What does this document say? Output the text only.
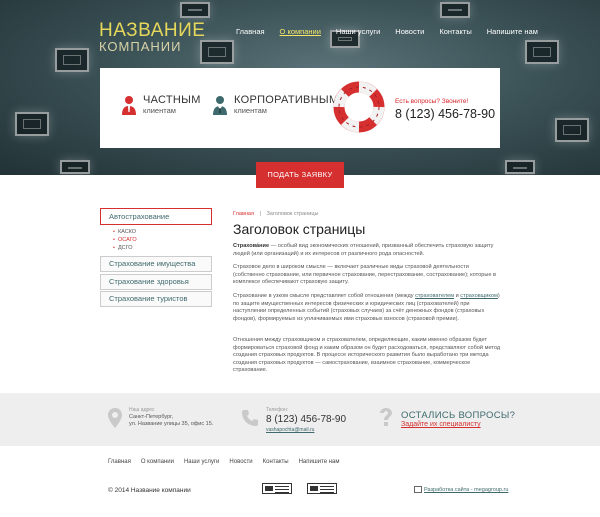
НАЗВАНИЕ
КОМПАНИИ
Главная О компании Наши услуги Новости Контакты Напишите нам
ЧАСТНЫМ
клиентам
КОРПОРАТИВНЫМ
клиентам
Есть вопросы? Звоните!
8 (123) 456-78-90
ПОДАТЬ ЗАЯВКУ
Автострахование
• КАСКО
• ОСАГО
• ДСГО
Страхование имущества
Страхование здоровья
Страхование туристов
Главная | Заголовок страницы
Заголовок страницы

Страхова́ние — особый вид экономических отношений, призванный обеспечить страховую защиту людей (или организаций) и их интересов от различного рода опасностей.

Страховое дело в широком смысле — включает различные виды страховой деятельности (собственно страхование, или первичное страхование, перестрахование, сострахование); которые в комплексе обеспечивают страховую защиту.

Страхование в узком смысле представляет собой отношения (между страхователем и страховщиком) по защите имущественных интересов физических и юридических лиц (страхователей) при наступлении определенных событий (страховых случаев) за счёт денежных фондов (страховых фондов), формируемых из уплачиваемых ими страховых взносов (страховой премии).

Отношения между страховщиком и страхователем, определяющие, каким именно образом будет формироваться страховой фонд и каким образом он будет расходоваться, представляют собой метод создания страховых продуктов. В процессе исторического развития было выработано три метода создания страховых продуктов — самострахование, взаимное страхование, коммерческое страхование.

Наш адрес
Санкт-Петербург,
ул. Название улицы 35, офис 15.
Телефон:
8 (123) 456-78-90
vashapochta@mail.ru
ОСТАЛИСЬ ВОПРОСЫ?
Задайте их специалисту
Главная О компании Наши услуги Новости Контакты Напишите нам
© 2014 Название компании	Разработка сайта - megagroup.ru
